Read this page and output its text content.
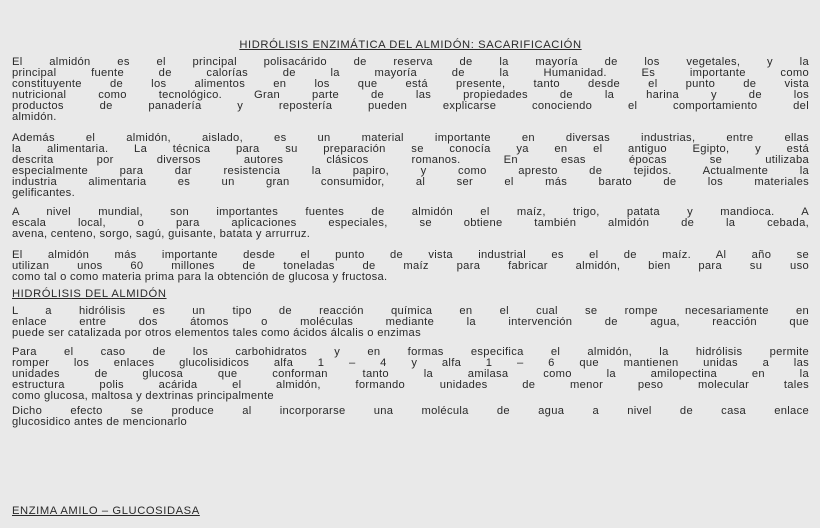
HIDRÓLISIS ENZIMÁTICA DEL ALMIDÓN: SACARIFICACIÓN

El almidón es el principal polisacárido de reserva de la mayoría de los vegetales, y la
principal fuente de calorías de la mayoría de la Humanidad. Es importante como
constituyente de los alimentos en los que está presente, tanto desde el punto de vista
nutricional como tecnológico. Gran parte de las propiedades de la harina y de los
productos de panadería y repostería pueden explicarse conociendo el comportamiento del
almidón.

Además el almidón, aislado, es un material importante en diversas industrias, entre ellas
la alimentaria. La técnica para su preparación se conocía ya en el antiguo Egipto, y está
descrita por diversos autores clásicos romanos. En esas épocas se utilizaba
especialmente para dar resistencia la papiro, y como apresto de tejidos. Actualmente la
industria alimentaria es un gran consumidor, al ser el más barato de los materiales
gelificantes.

A nivel mundial, son importantes fuentes de almidón el maíz, trigo, patata y mandioca. A
escala local, o para aplicaciones especiales, se obtiene también almidón de la cebada,
avena, centeno, sorgo, sagú, guisante, batata y arrurruz.

El almidón más importante desde el punto de vista industrial es el de maíz. Al año se
utilizan unos 60 millones de toneladas de maíz para fabricar almidón, bien para su uso
como tal o como materia prima para la obtención de glucosa y fructosa.

HIDRÓLISIS DEL ALMIDÓN

L a hidrólisis es un tipo de reacción química en el cual se rompe necesariamente en
enlace entre dos átomos o moléculas mediante la intervención de agua, reacción que
puede ser catalizada por otros elementos tales como ácidos álcalis o enzimas

Para el caso de los carbohidratos y en formas especifica el almidón, la hidrólisis permite
romper los enlaces glucolisidicos alfa 1 – 4 y alfa 1 – 6 que mantienen unidas a las
unidades de glucosa que conforman tanto la amilasa como la amilopectina en la
estructura polis acárida el almidón, formando unidades de menor peso molecular tales
como glucosa, maltosa y dextrinas principalmente

Dicho efecto se produce al incorporarse una molécula de agua a nivel de casa enlace
glucosidico antes de mencionarlo

ENZIMA AMILO – GLUCOSIDASA
